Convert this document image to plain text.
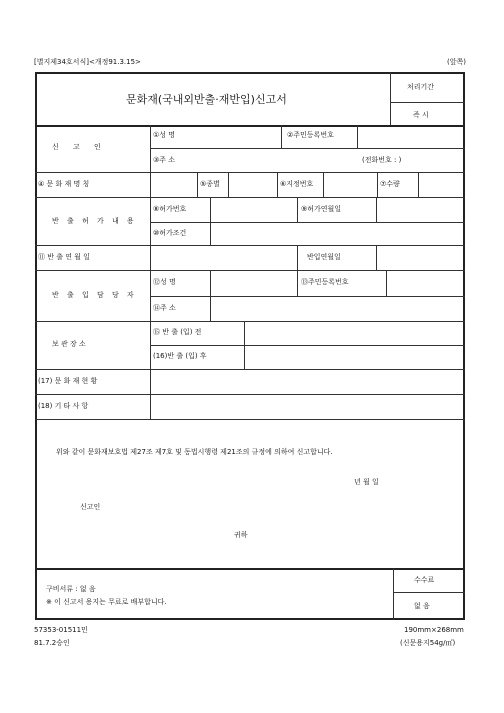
[별지제34호서식]<개정91.3.15>	(앞쪽)
문화재(국내외반출·재반입)신고서
처리기간
즉 시
신 고 인
①성 명	②주민등록번호
③주 소	(전화번호 : )
④ 문 화 재 명 칭	⑤종별	⑥지정번호	⑦수량
반 출 허 가 내 용
⑧허가번호	⑨허가연월일
⑩허가조건
⑪ 반 출 연 월 일	반입연월일
반 출 입 담 당 자
⑫성 명	⑬주민등록번호
⑭주 소
보 관 장 소
⑮ 반 출 (입) 전
(16)반 출 (입) 후
(17) 문 화 재 현 황
(18) 기 타 사 항
위와 같이 문화재보호법 제27조 제7호 및 동법시행령 제21조의 규정에 의하여 신고합니다.
년 월 일
신고인
귀하
구비서류 : 없 음
※ 이 신고서 용지는 무료로 배부합니다.
수수료
없 음
57353-01511민
81.7.2승인
190mm×268mm
(신문용지54g/㎡)
